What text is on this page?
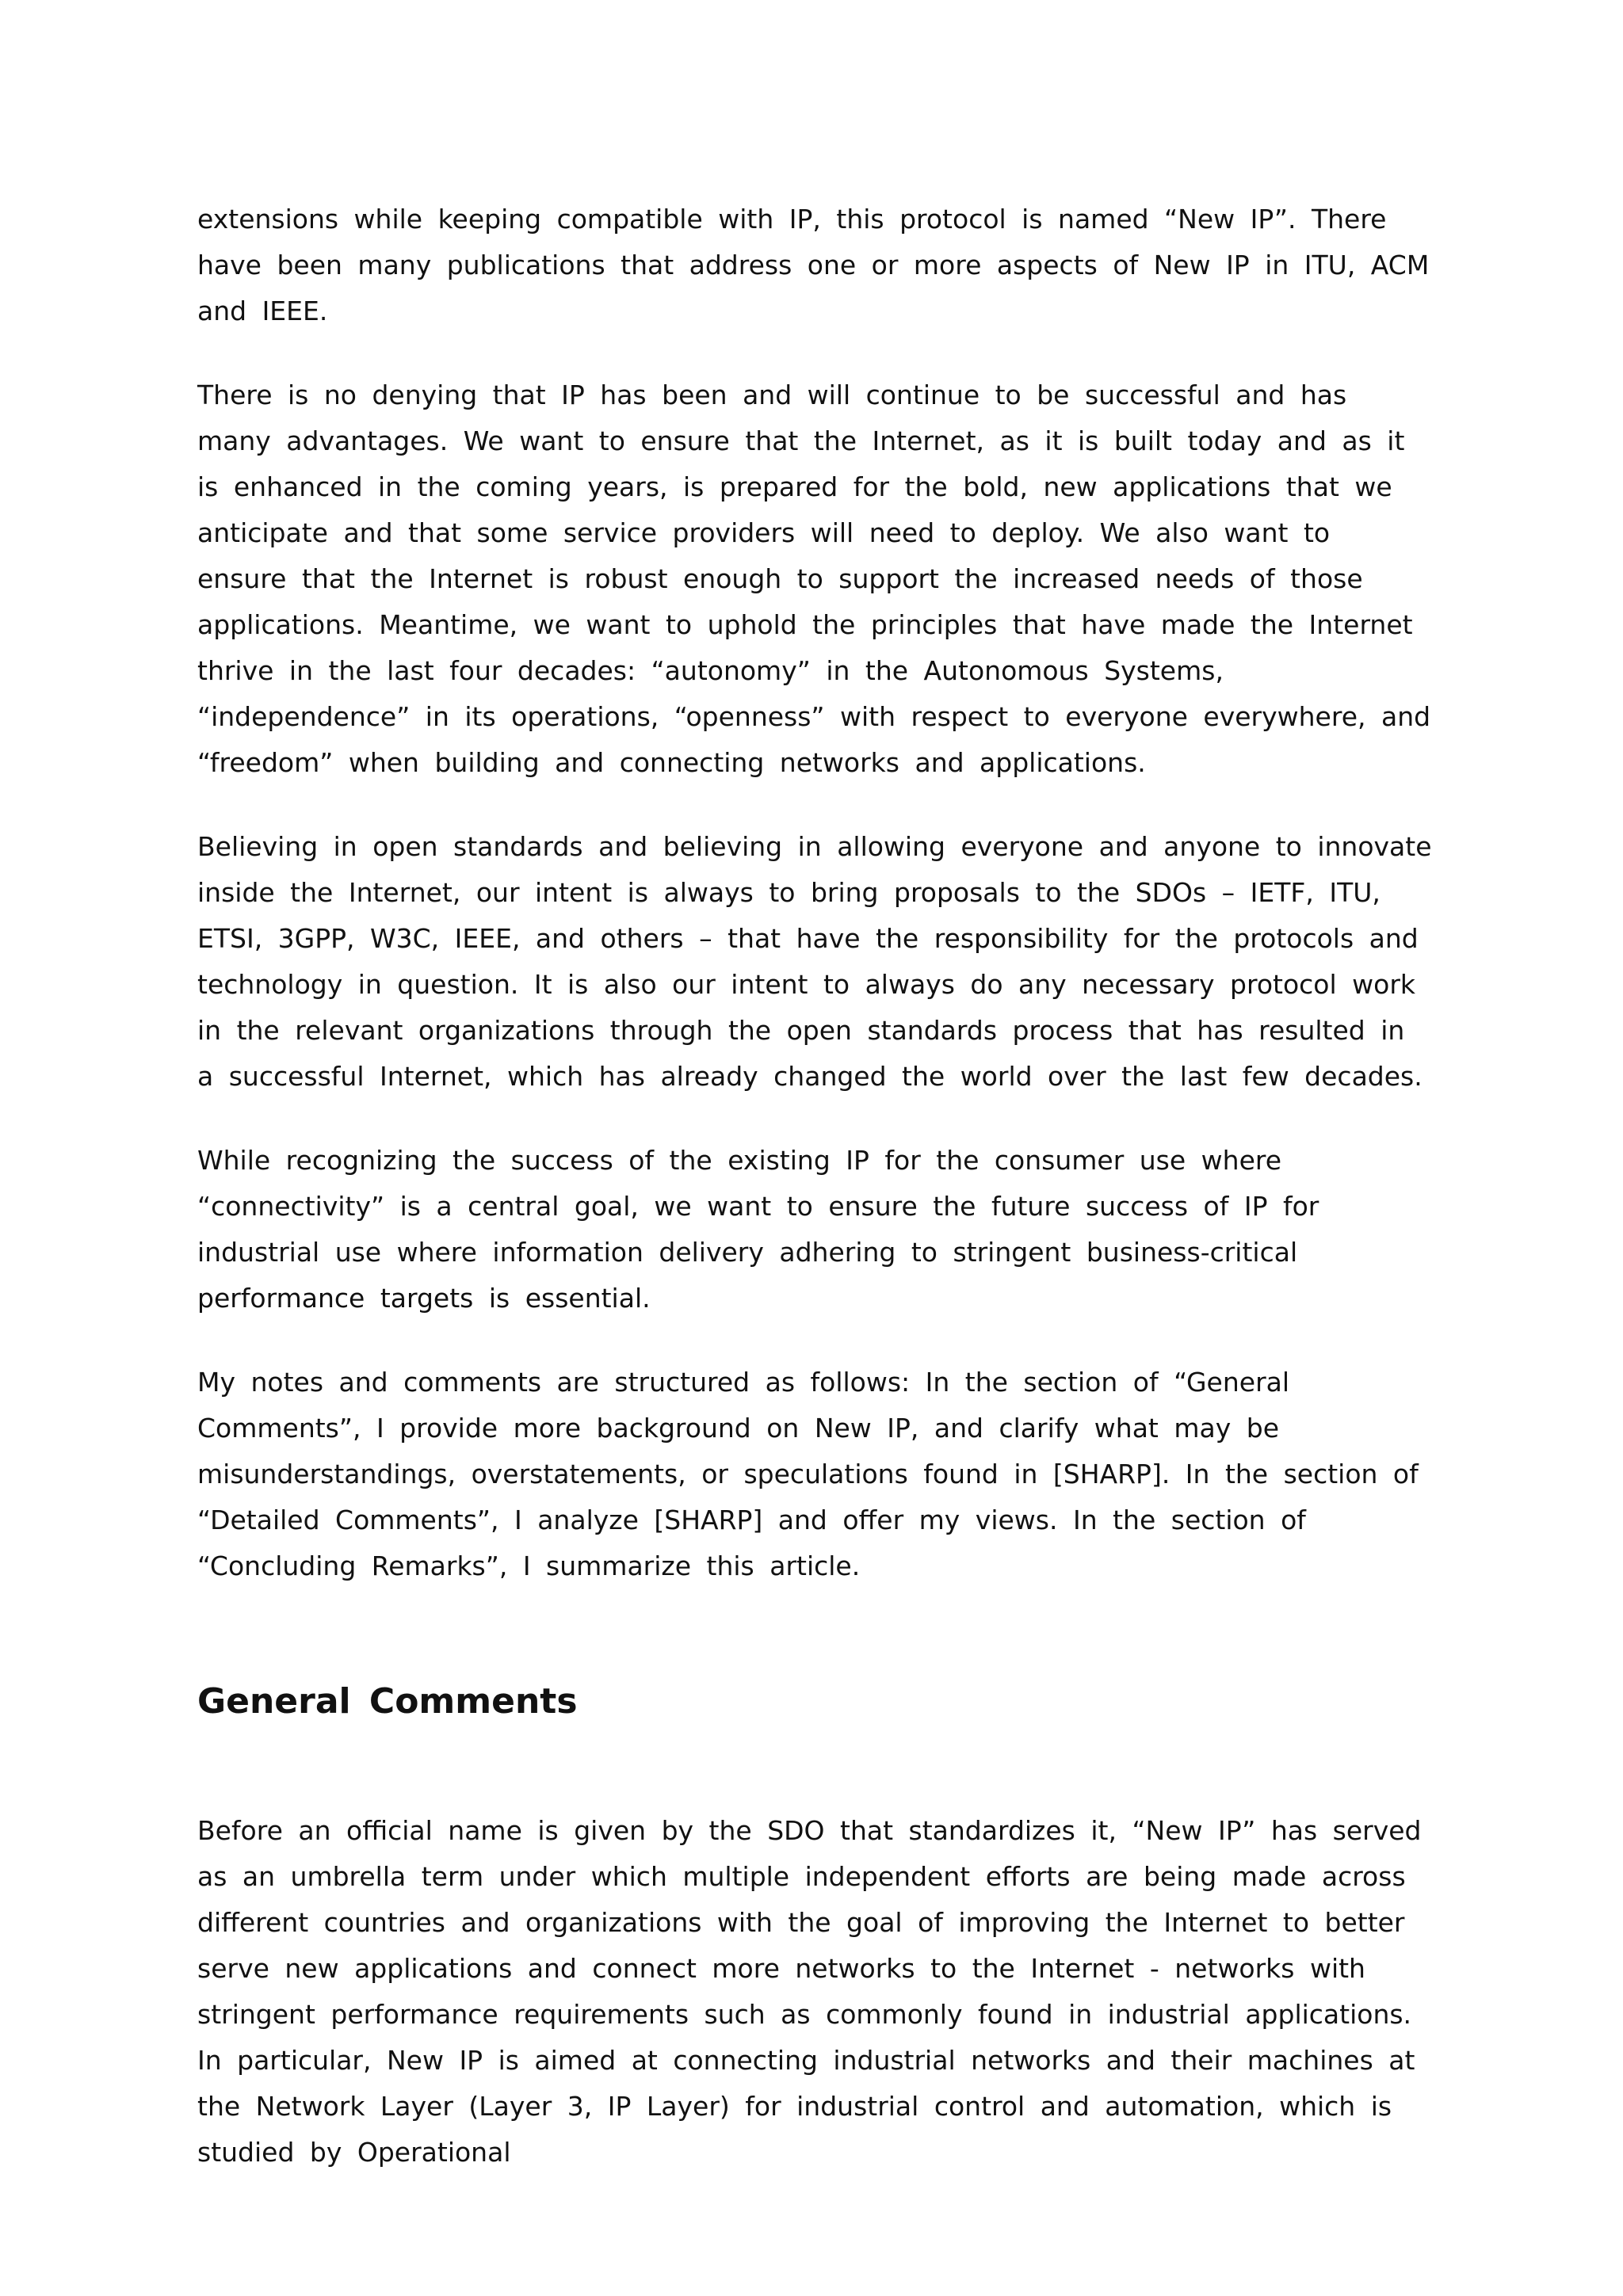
extensions while keeping compatible with IP, this protocol is named “New IP”. There have been many publications that address one or more aspects of New IP in ITU, ACM and IEEE.

There is no denying that IP has been and will continue to be successful and has many advantages. We want to ensure that the Internet, as it is built today and as it is enhanced in the coming years, is prepared for the bold, new applications that we anticipate and that some service providers will need to deploy. We also want to ensure that the Internet is robust enough to support the increased needs of those applications. Meantime, we want to uphold the principles that have made the Internet thrive in the last four decades: “autonomy” in the Autonomous Systems, “independence” in its operations, “openness” with respect to everyone everywhere, and “freedom” when building and connecting networks and applications.

Believing in open standards and believing in allowing everyone and anyone to innovate inside the Internet, our intent is always to bring proposals to the SDOs – IETF, ITU, ETSI, 3GPP, W3C, IEEE, and others – that have the responsibility for the protocols and technology in question. It is also our intent to always do any necessary protocol work in the relevant organizations through the open standards process that has resulted in a successful Internet, which has already changed the world over the last few decades.

While recognizing the success of the existing IP for the consumer use where “connectivity” is a central goal, we want to ensure the future success of IP for industrial use where information delivery adhering to stringent business-critical performance targets is essential.

My notes and comments are structured as follows: In the section of “General Comments”, I provide more background on New IP, and clarify what may be misunderstandings, overstatements, or speculations found in [SHARP]. In the section of “Detailed Comments”, I analyze [SHARP] and offer my views. In the section of “Concluding Remarks”, I summarize this article.

General Comments

Before an official name is given by the SDO that standardizes it, “New IP” has served as an umbrella term under which multiple independent efforts are being made across different countries and organizations with the goal of improving the Internet to better serve new applications and connect more networks to the Internet - networks with stringent performance requirements such as commonly found in industrial applications. In particular, New IP is aimed at connecting industrial networks and their machines at the Network Layer (Layer 3, IP Layer) for industrial control and automation, which is studied by Operational
